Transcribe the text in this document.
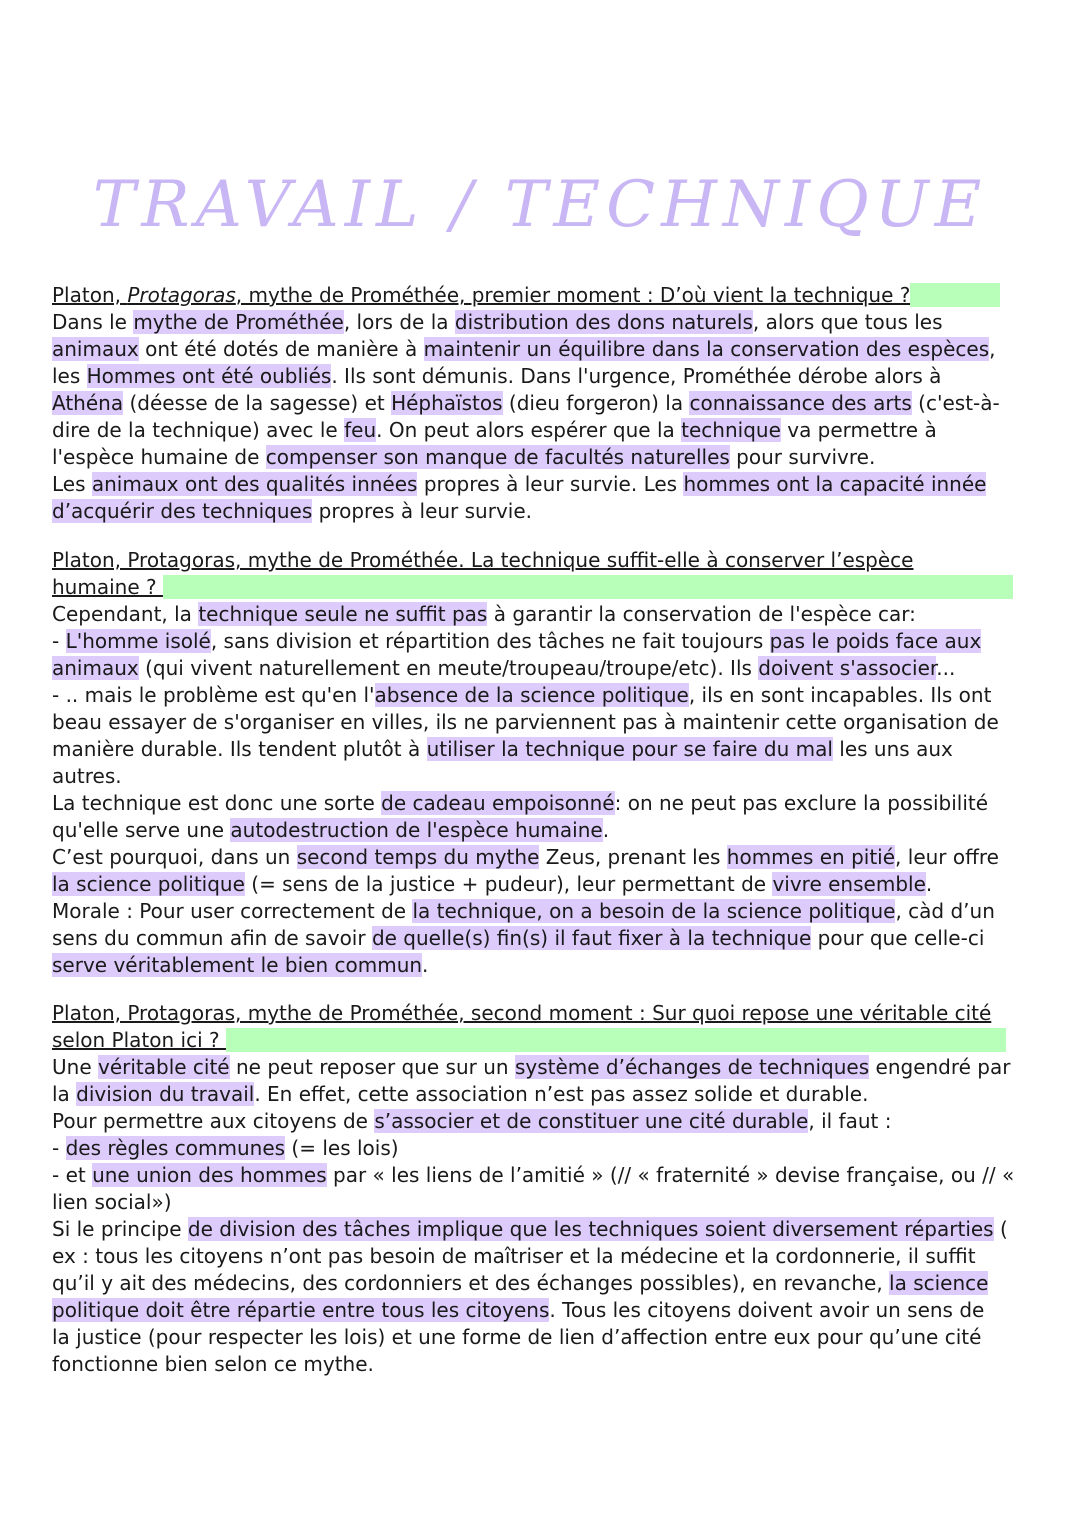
TRAVAIL / TECHNIQUE
Platon, Protagoras, mythe de Prométhée, premier moment : D’où vient la technique ?
Dans le mythe de Prométhée, lors de la distribution des dons naturels, alors que tous les
animaux ont été dotés de manière à maintenir un équilibre dans la conservation des espèces,
les Hommes ont été oubliés. Ils sont démunis. Dans l'urgence, Prométhée dérobe alors à
Athéna (déesse de la sagesse) et Héphaïstos (dieu forgeron) la connaissance des arts (c'est-à-
dire de la technique) avec le feu. On peut alors espérer que la technique va permettre à
l'espèce humaine de compenser son manque de facultés naturelles pour survivre.
Les animaux ont des qualités innées propres à leur survie. Les hommes ont la capacité innée
d’acquérir des techniques propres à leur survie.
Platon, Protagoras, mythe de Prométhée. La technique suffit-elle à conserver l’espèce
humaine ?
Cependant, la technique seule ne suffit pas à garantir la conservation de l'espèce car:
- L'homme isolé, sans division et répartition des tâches ne fait toujours pas le poids face aux
animaux (qui vivent naturellement en meute/troupeau/troupe/etc). Ils doivent s'associer...
- .. mais le problème est qu'en l'absence de la science politique, ils en sont incapables. Ils ont
beau essayer de s'organiser en villes, ils ne parviennent pas à maintenir cette organisation de
manière durable. Ils tendent plutôt à utiliser la technique pour se faire du mal les uns aux
autres.
La technique est donc une sorte de cadeau empoisonné: on ne peut pas exclure la possibilité
qu'elle serve une autodestruction de l'espèce humaine.
C’est pourquoi, dans un second temps du mythe Zeus, prenant les hommes en pitié, leur offre
la science politique (= sens de la justice + pudeur), leur permettant de vivre ensemble.
Morale : Pour user correctement de la technique, on a besoin de la science politique, càd d’un
sens du commun afin de savoir de quelle(s) fin(s) il faut fixer à la technique pour que celle-ci
serve véritablement le bien commun.
Platon, Protagoras, mythe de Prométhée, second moment : Sur quoi repose une véritable cité
selon Platon ici ?
Une véritable cité ne peut reposer que sur un système d’échanges de techniques engendré par
la division du travail. En effet, cette association n’est pas assez solide et durable.
Pour permettre aux citoyens de s’associer et de constituer une cité durable, il faut :
- des règles communes (= les lois)
- et une union des hommes par « les liens de l’amitié » (// « fraternité » devise française, ou // «
lien social»)
Si le principe de division des tâches implique que les techniques soient diversement réparties (
ex : tous les citoyens n’ont pas besoin de maîtriser et la médecine et la cordonnerie, il suffit
qu’il y ait des médecins, des cordonniers et des échanges possibles), en revanche, la science
politique doit être répartie entre tous les citoyens. Tous les citoyens doivent avoir un sens de
la justice (pour respecter les lois) et une forme de lien d’affection entre eux pour qu’une cité
fonctionne bien selon ce mythe.
